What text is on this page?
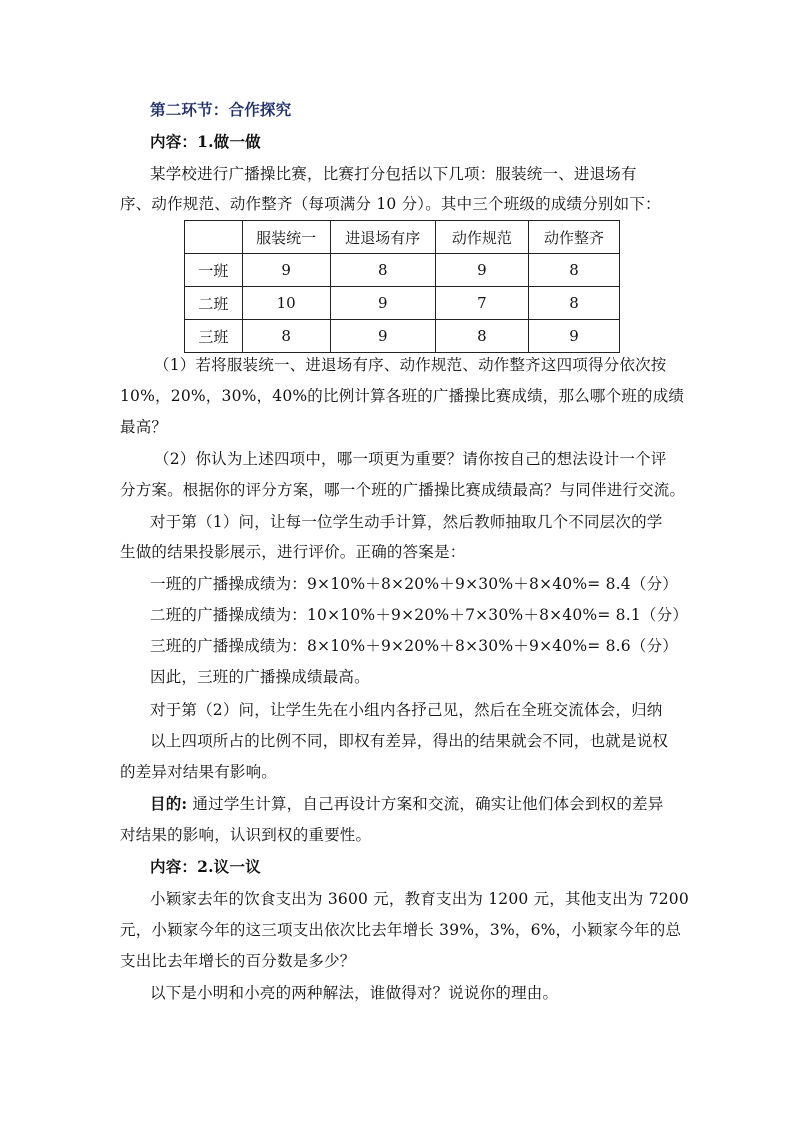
第二环节：合作探究
内容：1.做一做
某学校进行广播操比赛，比赛打分包括以下几项：服装统一、进退场有
序、动作规范、动作整齐（每项满分 10 分）。其中三个班级的成绩分别如下：
	服装统一	进退场有序	动作规范	动作整齐
一班	9	8	9	8
二班	10	9	7	8
三班	8	9	8	9
（1）若将服装统一、进退场有序、动作规范、动作整齐这四项得分依次按
10%，20%，30%，40%的比例计算各班的广播操比赛成绩，那么哪个班的成绩
最高？
（2）你认为上述四项中，哪一项更为重要？请你按自己的想法设计一个评
分方案。根据你的评分方案，哪一个班的广播操比赛成绩最高？与同伴进行交流。
对于第（1）问，让每一位学生动手计算，然后教师抽取几个不同层次的学
生做的结果投影展示，进行评价。正确的答案是：
一班的广播操成绩为：9×10%＋8×20%＋9×30%＋8×40%= 8.4（分）
二班的广播操成绩为：10×10%＋9×20%＋7×30%＋8×40%= 8.1（分）
三班的广播操成绩为：8×10%＋9×20%＋8×30%＋9×40%= 8.6（分）
因此，三班的广播操成绩最高。
对于第（2）问，让学生先在小组内各抒己见，然后在全班交流体会，归纳
以上四项所占的比例不同，即权有差异，得出的结果就会不同，也就是说权
的差异对结果有影响。
目的: 通过学生计算，自己再设计方案和交流，确实让他们体会到权的差异
对结果的影响，认识到权的重要性。
内容：2.议一议
小颖家去年的饮食支出为 3600 元，教育支出为 1200 元，其他支出为 7200
元，小颖家今年的这三项支出依次比去年增长 39%，3%，6%，小颖家今年的总
支出比去年增长的百分数是多少？
以下是小明和小亮的两种解法，谁做得对？说说你的理由。
